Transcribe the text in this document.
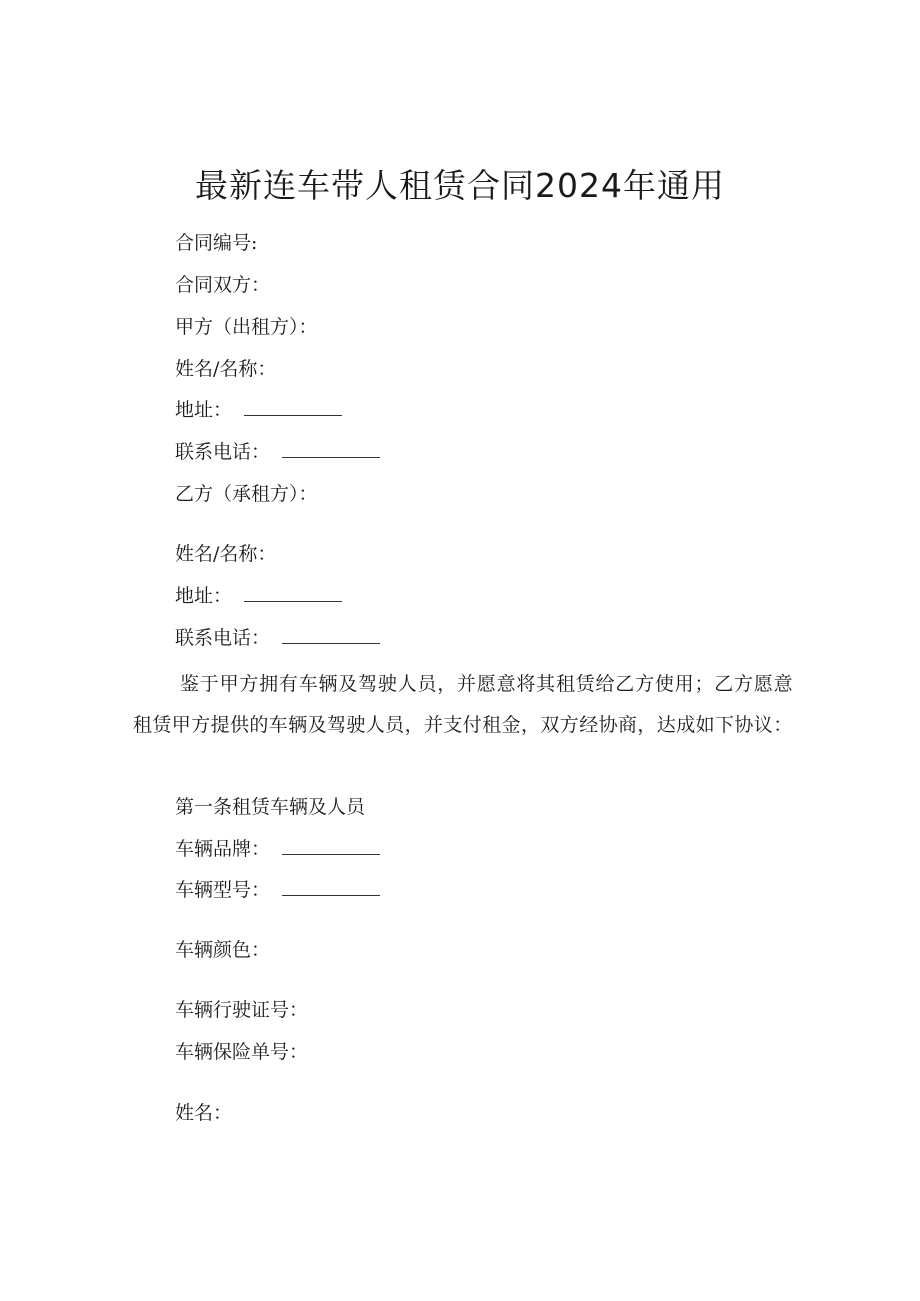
最新连车带人租赁合同2024年通用
合同编号:
合同双方：
甲方（出租方）：
姓名/名称：
地址：
联系电话：
乙方（承租方）：
姓名/名称：
地址：
联系电话：

鉴于甲方拥有车辆及驾驶人员，并愿意将其租赁给乙方使用；乙方愿意租赁甲方提供的车辆及驾驶人员，并支付租金，双方经协商，达成如下协议：

第一条租赁车辆及人员
车辆品牌：
车辆型号：
车辆颜色：
车辆行驶证号：
车辆保险单号：
姓名：
